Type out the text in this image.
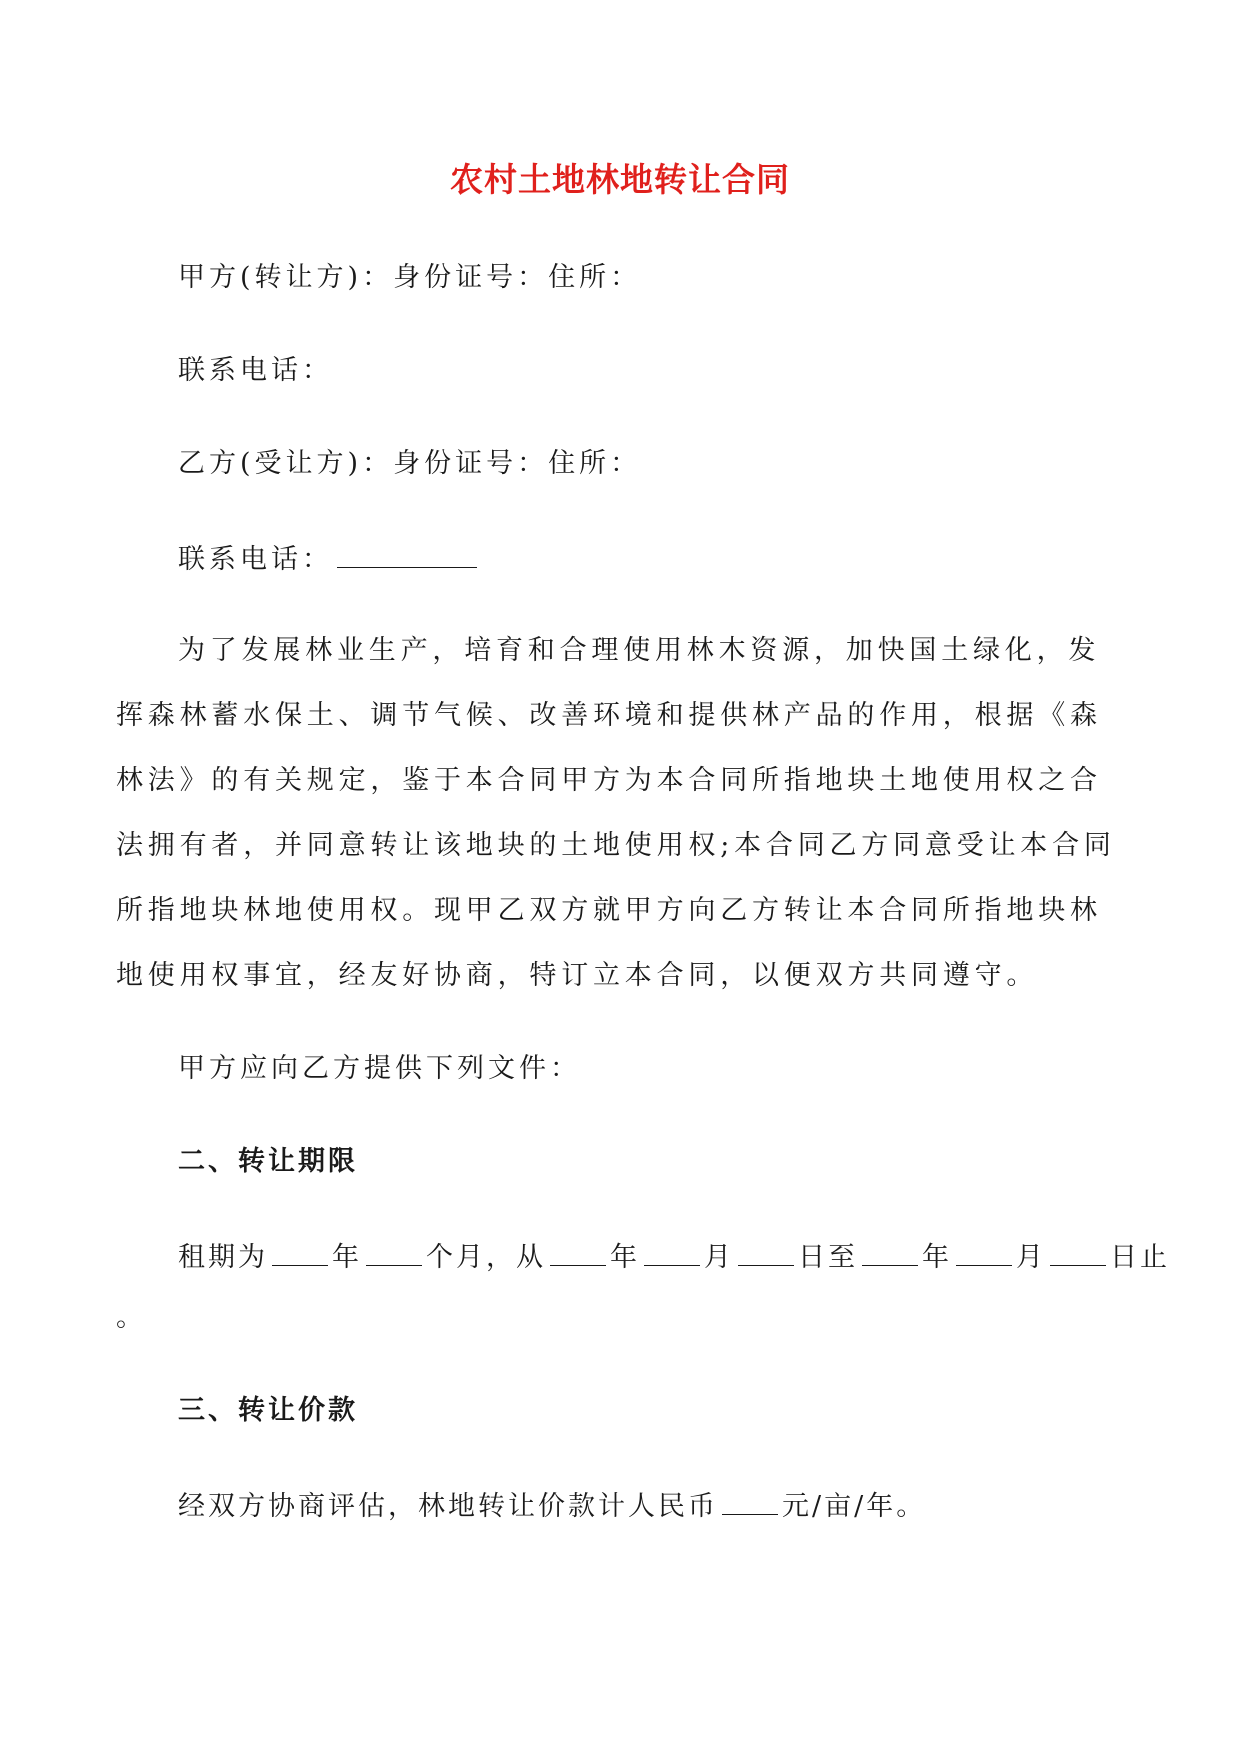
农村土地林地转让合同
甲方(转让方)：身份证号：住所：
联系电话：
乙方(受让方)：身份证号：住所：
联系电话：
为了发展林业生产，培育和合理使用林木资源，加快国土绿化，发挥森林蓄水保土、调节气候、改善环境和提供林产品的作用，根据《森林法》的有关规定，鉴于本合同甲方为本合同所指地块土地使用权之合法拥有者，并同意转让该地块的土地使用权;本合同乙方同意受让本合同所指地块林地使用权。现甲乙双方就甲方向乙方转让本合同所指地块林地使用权事宜，经友好协商，特订立本合同，以便双方共同遵守。
甲方应向乙方提供下列文件：
二、转让期限
租期为 年 个月，从 年 月 日至 年 月 日止
。
三、转让价款
经双方协商评估，林地转让价款计人民币 元/亩/年。
